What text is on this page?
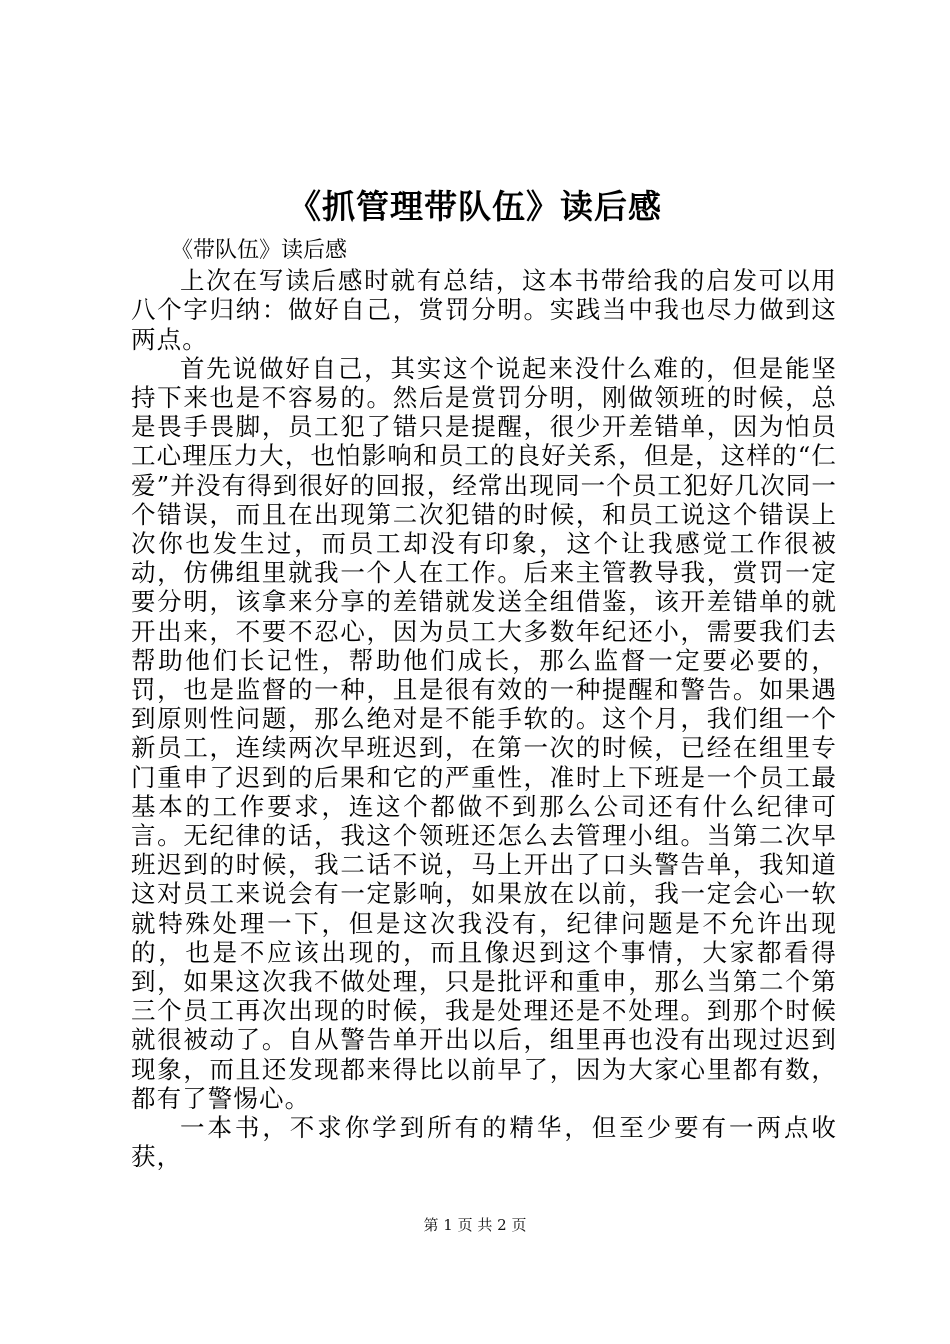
《抓管理带队伍》读后感

《带队伍》读后感

上次在写读后感时就有总结，这本书带给我的启发可以用八个字归纳：做好自己，赏罚分明。实践当中我也尽力做到这两点。

首先说做好自己，其实这个说起来没什么难的，但是能坚持下来也是不容易的。然后是赏罚分明，刚做领班的时候，总是畏手畏脚，员工犯了错只是提醒，很少开差错单，因为怕员工心理压力大，也怕影响和员工的良好关系，但是，这样的“仁爱”并没有得到很好的回报，经常出现同一个员工犯好几次同一个错误，而且在出现第二次犯错的时候，和员工说这个错误上次你也发生过，而员工却没有印象，这个让我感觉工作很被动，仿佛组里就我一个人在工作。后来主管教导我，赏罚一定要分明，该拿来分享的差错就发送全组借鉴，该开差错单的就开出来，不要不忍心，因为员工大多数年纪还小，需要我们去帮助他们长记性，帮助他们成长，那么监督一定要必要的，罚，也是监督的一种，且是很有效的一种提醒和警告。如果遇到原则性问题，那么绝对是不能手软的。这个月，我们组一个新员工，连续两次早班迟到，在第一次的时候，已经在组里专门重申了迟到的后果和它的严重性，准时上下班是一个员工最基本的工作要求，连这个都做不到那么公司还有什么纪律可言。无纪律的话，我这个领班还怎么去管理小组。当第二次早班迟到的时候，我二话不说，马上开出了口头警告单，我知道这对员工来说会有一定影响，如果放在以前，我一定会心一软就特殊处理一下，但是这次我没有，纪律问题是不允许出现的，也是不应该出现的，而且像迟到这个事情，大家都看得到，如果这次我不做处理，只是批评和重申，那么当第二个第三个员工再次出现的时候，我是处理还是不处理。到那个时候就很被动了。自从警告单开出以后，组里再也没有出现过迟到现象，而且还发现都来得比以前早了，因为大家心里都有数，都有了警惕心。

一本书，不求你学到所有的精华，但至少要有一两点收获，

第 1 页 共 2 页
